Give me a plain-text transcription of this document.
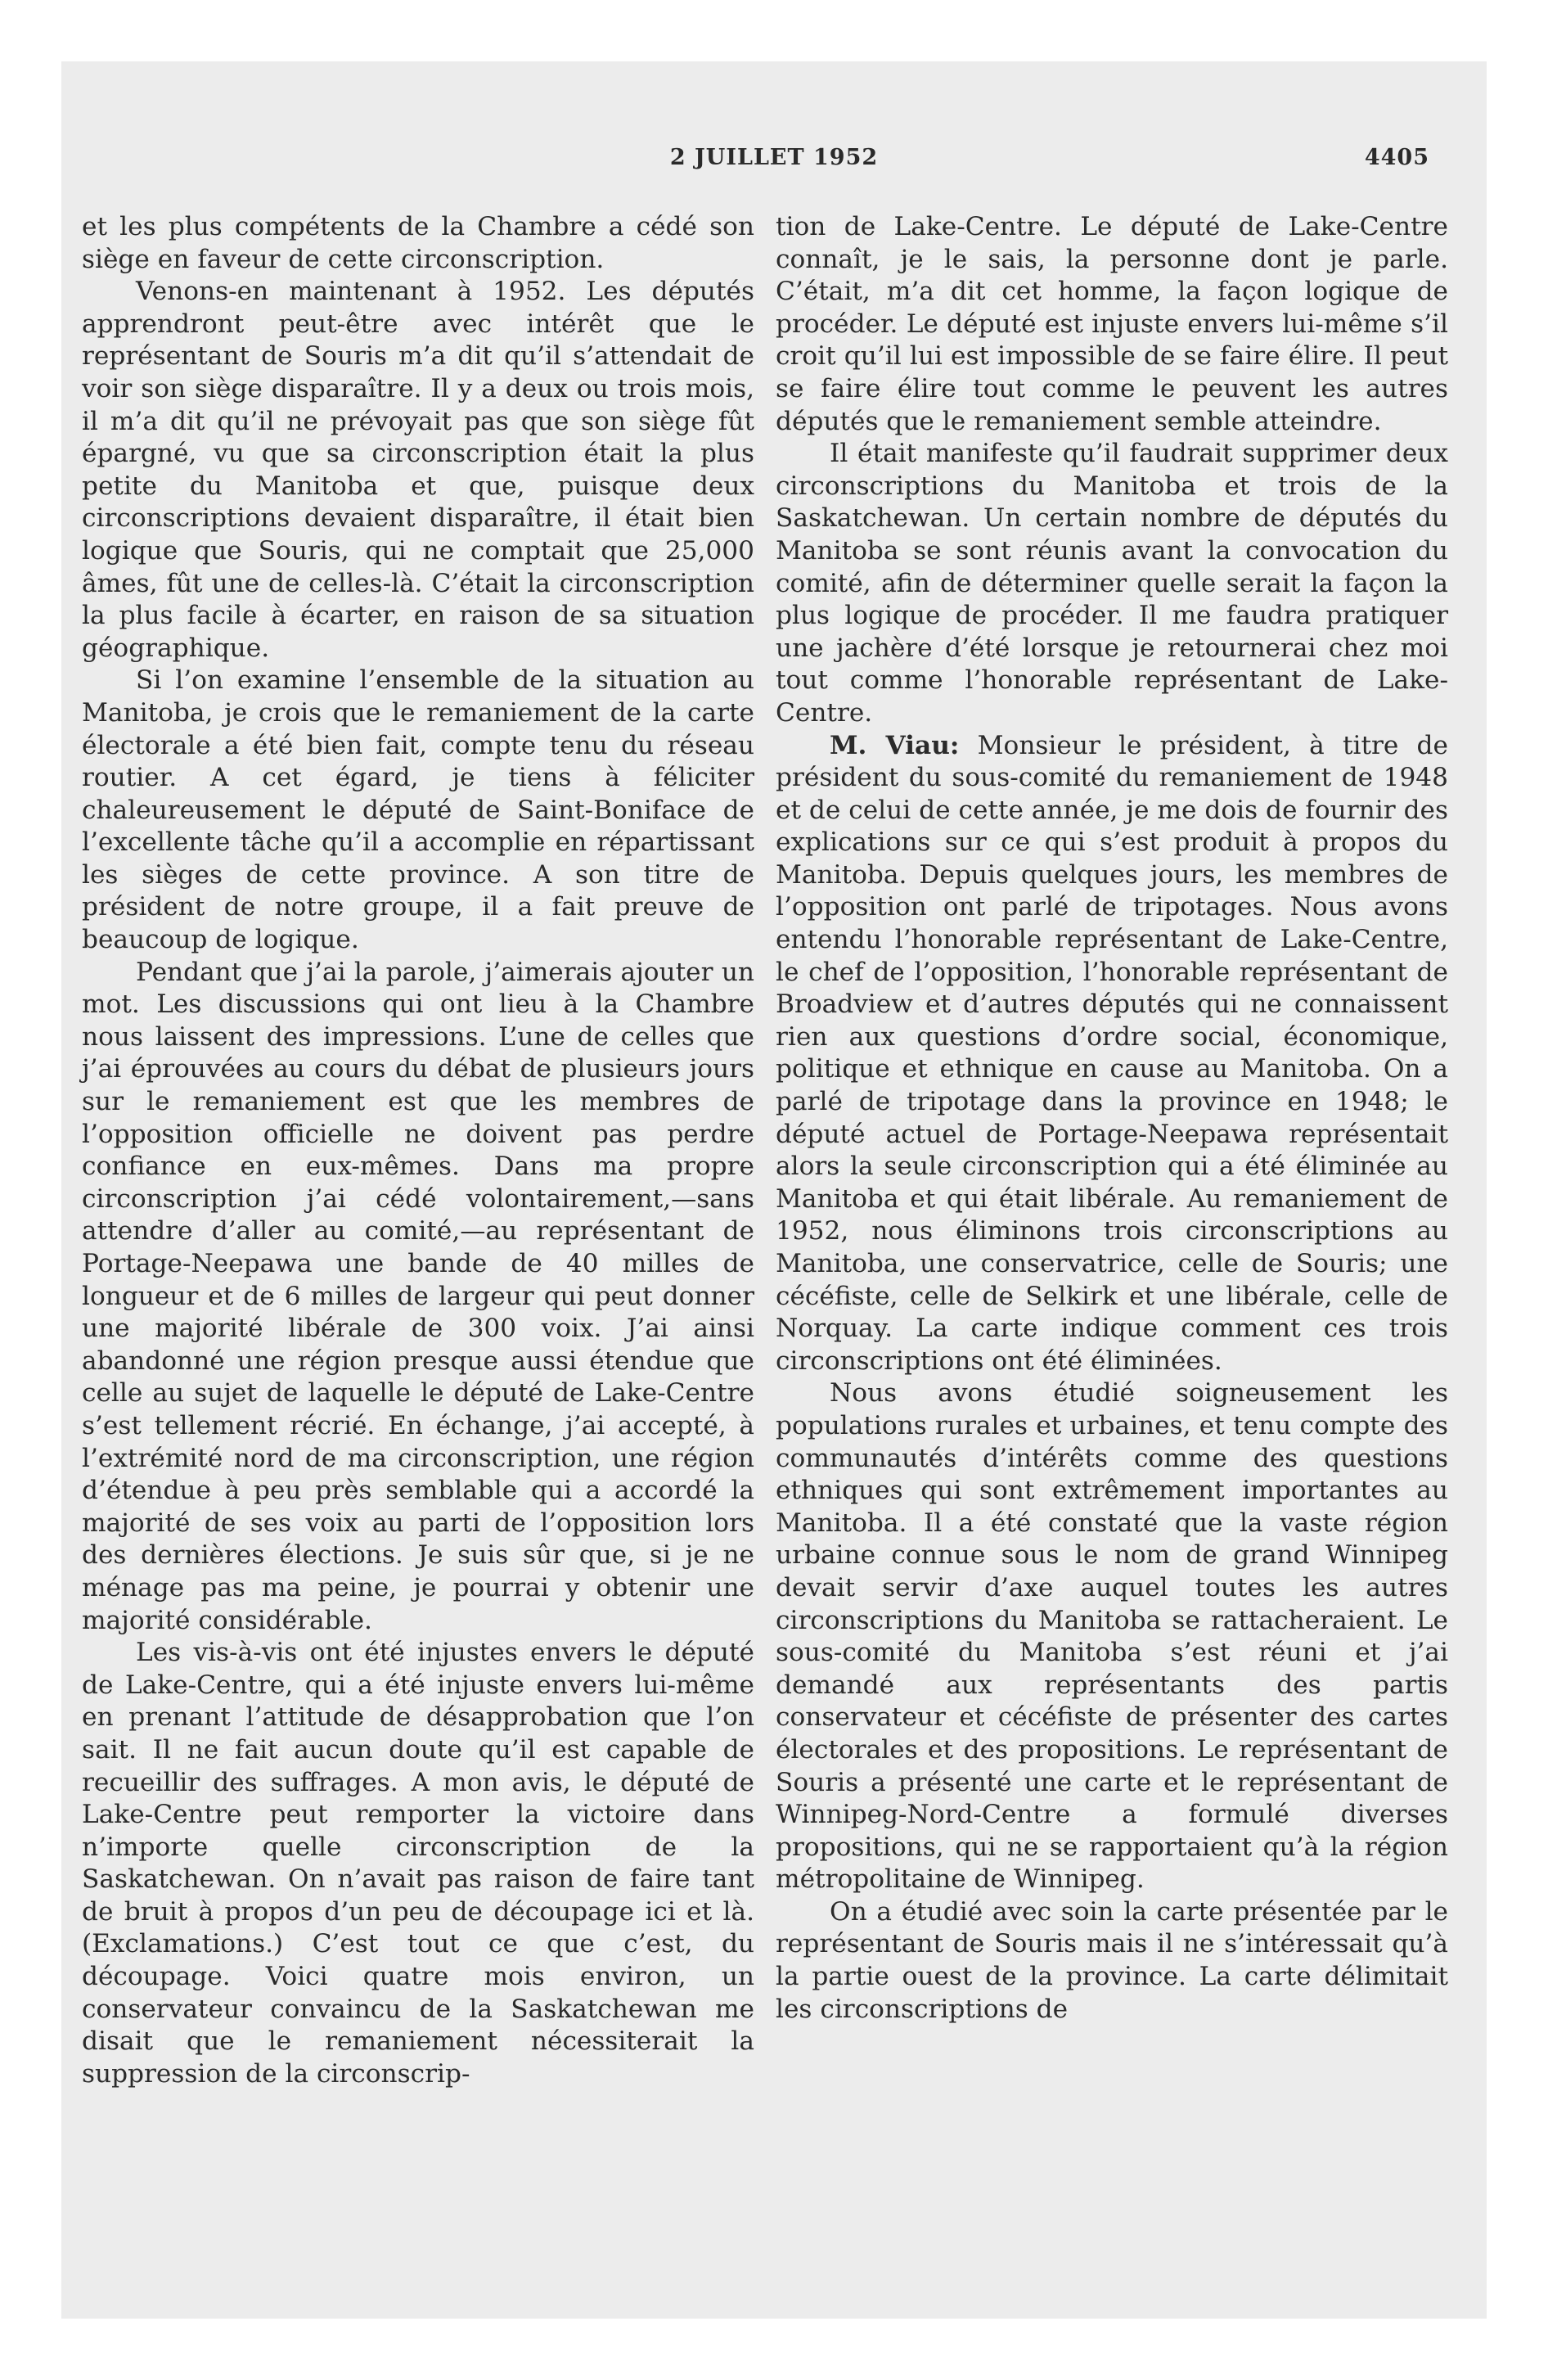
2 JUILLET 1952	4405

et les plus compétents de la Chambre a cédé son siège en faveur de cette circonscription.

Venons-en maintenant à 1952. Les députés apprendront peut-être avec intérêt que le représentant de Souris m’a dit qu’il s’attendait de voir son siège disparaître. Il y a deux ou trois mois, il m’a dit qu’il ne prévoyait pas que son siège fût épargné, vu que sa circonscription était la plus petite du Manitoba et que, puisque deux circonscriptions devaient disparaître, il était bien logique que Souris, qui ne comptait que 25,000 âmes, fût une de celles-là. C’était la circonscription la plus facile à écarter, en raison de sa situation géographique.

Si l’on examine l’ensemble de la situation au Manitoba, je crois que le remaniement de la carte électorale a été bien fait, compte tenu du réseau routier. A cet égard, je tiens à féliciter chaleureusement le député de Saint-Boniface de l’excellente tâche qu’il a accomplie en répartissant les sièges de cette province. A son titre de président de notre groupe, il a fait preuve de beaucoup de logique.

Pendant que j’ai la parole, j’aimerais ajouter un mot. Les discussions qui ont lieu à la Chambre nous laissent des impressions. L’une de celles que j’ai éprouvées au cours du débat de plusieurs jours sur le remaniement est que les membres de l’opposition officielle ne doivent pas perdre confiance en eux-mêmes. Dans ma propre circonscription j’ai cédé volontairement,—sans attendre d’aller au comité,—au représentant de Portage-Neepawa une bande de 40 milles de longueur et de 6 milles de largeur qui peut donner une majorité libérale de 300 voix. J’ai ainsi abandonné une région presque aussi étendue que celle au sujet de laquelle le député de Lake-Centre s’est tellement récrié. En échange, j’ai accepté, à l’extrémité nord de ma circonscription, une région d’étendue à peu près semblable qui a accordé la majorité de ses voix au parti de l’opposition lors des dernières élections. Je suis sûr que, si je ne ménage pas ma peine, je pourrai y obtenir une majorité considérable.

Les vis-à-vis ont été injustes envers le député de Lake-Centre, qui a été injuste envers lui-même en prenant l’attitude de désapprobation que l’on sait. Il ne fait aucun doute qu’il est capable de recueillir des suffrages. A mon avis, le député de Lake-Centre peut remporter la victoire dans n’importe quelle circonscription de la Saskatchewan. On n’avait pas raison de faire tant de bruit à propos d’un peu de découpage ici et là. (Exclamations.) C’est tout ce que c’est, du découpage. Voici quatre mois environ, un conservateur convaincu de la Saskatchewan me disait que le remaniement nécessiterait la suppression de la circonscrip-

tion de Lake-Centre. Le député de Lake-Centre connaît, je le sais, la personne dont je parle. C’était, m’a dit cet homme, la façon logique de procéder. Le député est injuste envers lui-même s’il croit qu’il lui est impossible de se faire élire. Il peut se faire élire tout comme le peuvent les autres députés que le remaniement semble atteindre.

Il était manifeste qu’il faudrait supprimer deux circonscriptions du Manitoba et trois de la Saskatchewan. Un certain nombre de députés du Manitoba se sont réunis avant la convocation du comité, afin de déterminer quelle serait la façon la plus logique de procéder. Il me faudra pratiquer une jachère d’été lorsque je retournerai chez moi tout comme l’honorable représentant de Lake-Centre.

M. Viau: Monsieur le président, à titre de président du sous-comité du remaniement de 1948 et de celui de cette année, je me dois de fournir des explications sur ce qui s’est produit à propos du Manitoba. Depuis quelques jours, les membres de l’opposition ont parlé de tripotages. Nous avons entendu l’honorable représentant de Lake-Centre, le chef de l’opposition, l’honorable représentant de Broadview et d’autres députés qui ne connaissent rien aux questions d’ordre social, économique, politique et ethnique en cause au Manitoba. On a parlé de tripotage dans la province en 1948; le député actuel de Portage-Neepawa représentait alors la seule circonscription qui a été éliminée au Manitoba et qui était libérale. Au remaniement de 1952, nous éliminons trois circonscriptions au Manitoba, une conservatrice, celle de Souris; une cécéfiste, celle de Selkirk et une libérale, celle de Norquay. La carte indique comment ces trois circonscriptions ont été éliminées.

Nous avons étudié soigneusement les populations rurales et urbaines, et tenu compte des communautés d’intérêts comme des questions ethniques qui sont extrêmement importantes au Manitoba. Il a été constaté que la vaste région urbaine connue sous le nom de grand Winnipeg devait servir d’axe auquel toutes les autres circonscriptions du Manitoba se rattacheraient. Le sous-comité du Manitoba s’est réuni et j’ai demandé aux représentants des partis conservateur et cécéfiste de présenter des cartes électorales et des propositions. Le représentant de Souris a présenté une carte et le représentant de Winnipeg-Nord-Centre a formulé diverses propositions, qui ne se rapportaient qu’à la région métropolitaine de Winnipeg.

On a étudié avec soin la carte présentée par le représentant de Souris mais il ne s’intéressait qu’à la partie ouest de la province. La carte délimitait les circonscriptions de
